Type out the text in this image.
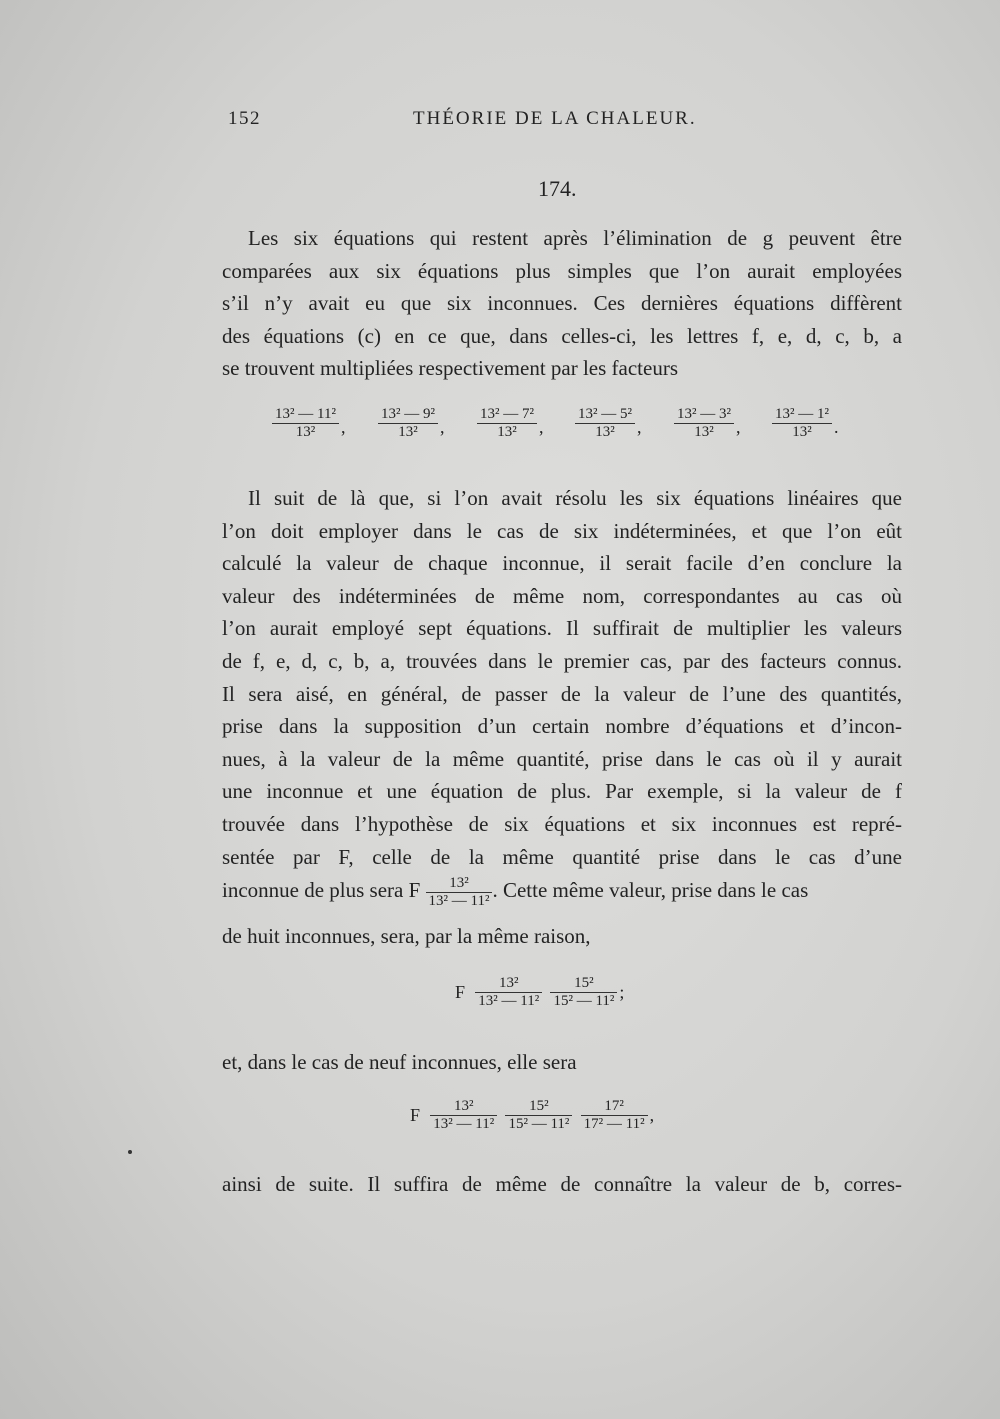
152	THÉORIE DE LA CHALEUR.
174.
Les six équations qui restent après l’élimination de g peuvent être
comparées aux six équations plus simples que l’on aurait employées
s’il n’y avait eu que six inconnues. Ces dernières équations diffèrent
des équations (c) en ce que, dans celles-ci, les lettres f, e, d, c, b, a
se trouvent multipliées respectivement par les facteurs
$\frac{\text{13² — 11²}}{\text{13²}}$ , $\frac{\text{13² — 9²}}{\text{13²}}$ , $\frac{\text{13² — 7²}}{\text{13²}}$ , $\frac{\text{13² — 5²}}{\text{13²}}$ , $\frac{\text{13² — 3²}}{\text{13²}}$ , $\frac{\text{13² — 1²}}{\text{13²}}$ .
Il suit de là que, si l’on avait résolu les six équations linéaires que
l’on doit employer dans le cas de six indéterminées, et que l’on eût
calculé la valeur de chaque inconnue, il serait facile d’en conclure la
valeur des indéterminées de même nom, correspondantes au cas où
l’on aurait employé sept équations. Il suffirait de multiplier les valeurs
de f, e, d, c, b, a, trouvées dans le premier cas, par des facteurs connus.
Il sera aisé, en général, de passer de la valeur de l’une des quantités,
prise dans la supposition d’un certain nombre d’équations et d’incon-
nues, à la valeur de la même quantité, prise dans le cas où il y aurait
une inconnue et une équation de plus. Par exemple, si la valeur de f
trouvée dans l’hypothèse de six équations et six inconnues est repré-
sentée par F, celle de la même quantité prise dans le cas d’une
inconnue de plus sera F $\frac{\text{13²}}{\text{13² — 11²}}$ . Cette même valeur, prise dans le cas
de huit inconnues, sera, par la même raison,
F $\frac{\text{13²}}{\text{13² — 11²}}$
$\frac{\text{15²}}{\text{15² — 11²}}$ ;
et, dans le cas de neuf inconnues, elle sera
F $\frac{\text{13²}}{\text{13² — 11²}}$
$\frac{\text{15²}}{\text{15² — 11²}}$
$\frac{\text{17²}}{\text{17² — 11²}}$ ,
ainsi de suite. Il suffira de même de connaître la valeur de b, corres-
